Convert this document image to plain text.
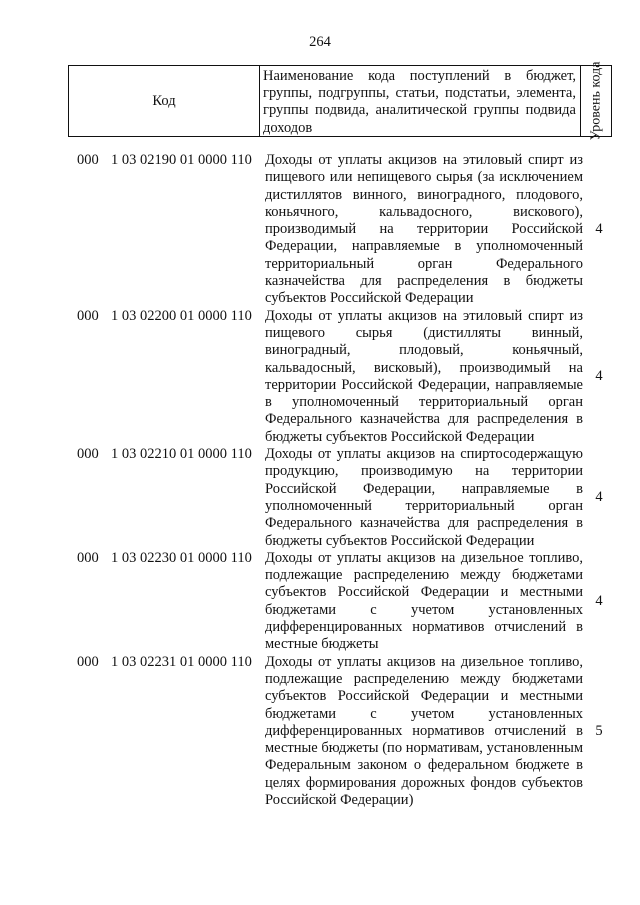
264
Код
Наименование кода поступлений в бюджет, группы, подгруппы, статьи, подстатьи, элемента, группы подвида, аналитической группы подвида доходов	Уровень кода
000 1 03 02190 01 0000 110 Доходы от уплаты акцизов на этиловый спирт из пищевого или непищевого сырья (за исключением дистиллятов винного, виноградного, плодового, коньячного, кальвадосного, вискового), производимый на территории Российской Федерации, направляемые в уполномоченный территориальный орган Федерального казначейства для распределения в бюджеты субъектов Российской Федерации
4
000 1 03 02200 01 0000 110 Доходы от уплаты акцизов на этиловый спирт из пищевого сырья (дистилляты винный, виноградный, плодовый, коньячный, кальвадосный, висковый), производимый на территории Российской Федерации, направляемые в уполномоченный территориальный орган Федерального казначейства для распределения в бюджеты субъектов Российской Федерации
4
000 1 03 02210 01 0000 110 Доходы от уплаты акцизов на спиртосодержащую продукцию, производимую на территории Российской Федерации, направляемые в уполномоченный территориальный орган Федерального казначейства для распределения в бюджеты субъектов Российской Федерации
4
000 1 03 02230 01 0000 110 Доходы от уплаты акцизов на дизельное топливо, подлежащие распределению между бюджетами субъектов Российской Федерации и местными бюджетами с учетом установленных дифференцированных нормативов отчислений в местные бюджеты
4
000 1 03 02231 01 0000 110 Доходы от уплаты акцизов на дизельное топливо, подлежащие распределению между бюджетами субъектов Российской Федерации и местными бюджетами с учетом установленных дифференцированных нормативов отчислений в местные бюджеты (по нормативам, установленным Федеральным законом о федеральном бюджете в целях формирования дорожных фондов субъектов Российской Федерации)
5
